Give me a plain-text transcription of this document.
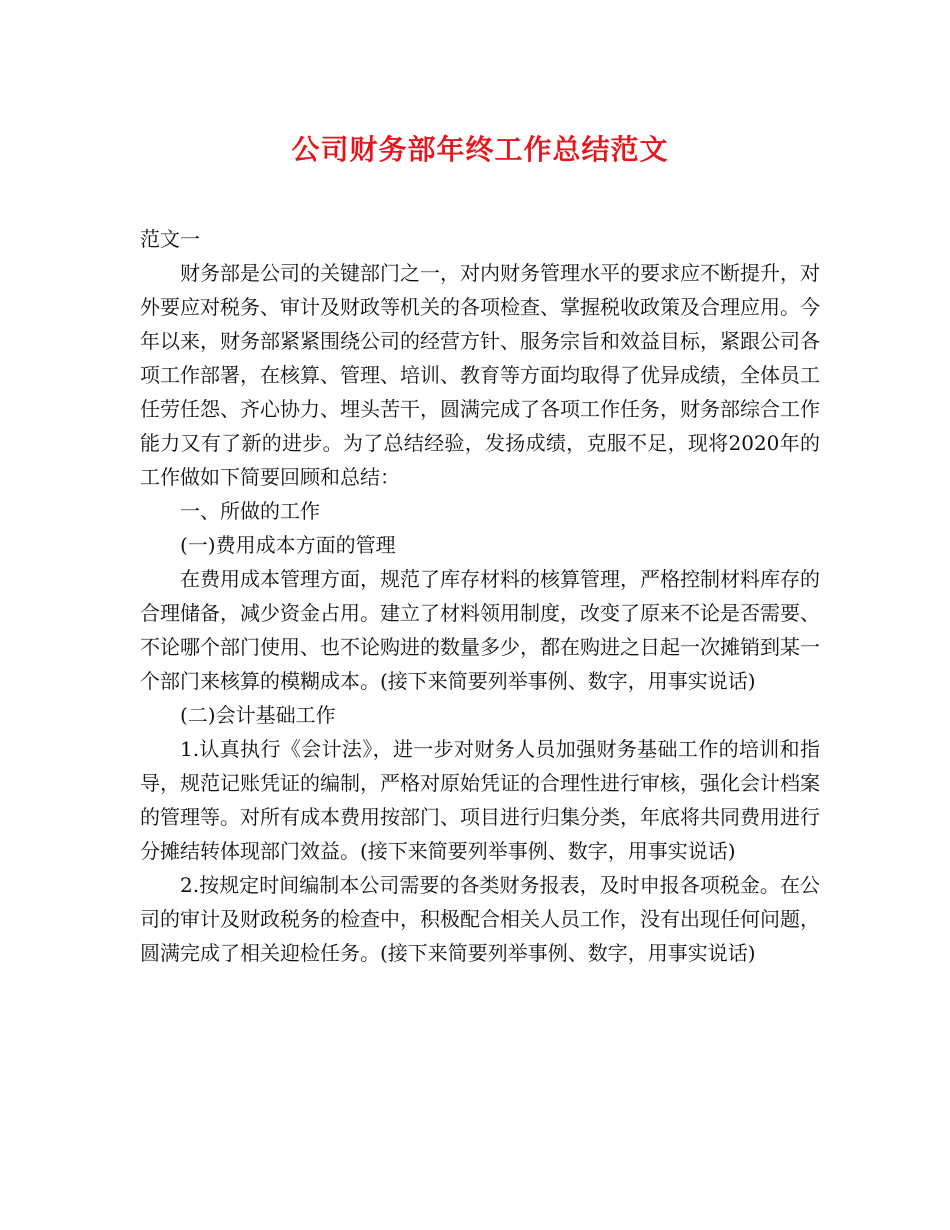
公司财务部年终工作总结范文

范文一

财务部是公司的关键部门之一，对内财务管理水平的要求应不断提升，对外要应对税务、审计及财政等机关的各项检查、掌握税收政策及合理应用。今年以来，财务部紧紧围绕公司的经营方针、服务宗旨和效益目标，紧跟公司各项工作部署，在核算、管理、培训、教育等方面均取得了优异成绩，全体员工任劳任怨、齐心协力、埋头苦干，圆满完成了各项工作任务，财务部综合工作能力又有了新的进步。为了总结经验，发扬成绩，克服不足，现将2020年的工作做如下简要回顾和总结：

一、所做的工作

(一)费用成本方面的管理

在费用成本管理方面，规范了库存材料的核算管理，严格控制材料库存的合理储备，减少资金占用。建立了材料领用制度，改变了原来不论是否需要、不论哪个部门使用、也不论购进的数量多少，都在购进之日起一次摊销到某一个部门来核算的模糊成本。(接下来简要列举事例、数字，用事实说话)

(二)会计基础工作

1.认真执行《会计法》，进一步对财务人员加强财务基础工作的培训和指导，规范记账凭证的编制，严格对原始凭证的合理性进行审核，强化会计档案的管理等。对所有成本费用按部门、项目进行归集分类，年底将共同费用进行分摊结转体现部门效益。(接下来简要列举事例、数字，用事实说话)

2.按规定时间编制本公司需要的各类财务报表，及时申报各项税金。在公司的审计及财政税务的检查中，积极配合相关人员工作，没有出现任何问题，圆满完成了相关迎检任务。(接下来简要列举事例、数字，用事实说话)
